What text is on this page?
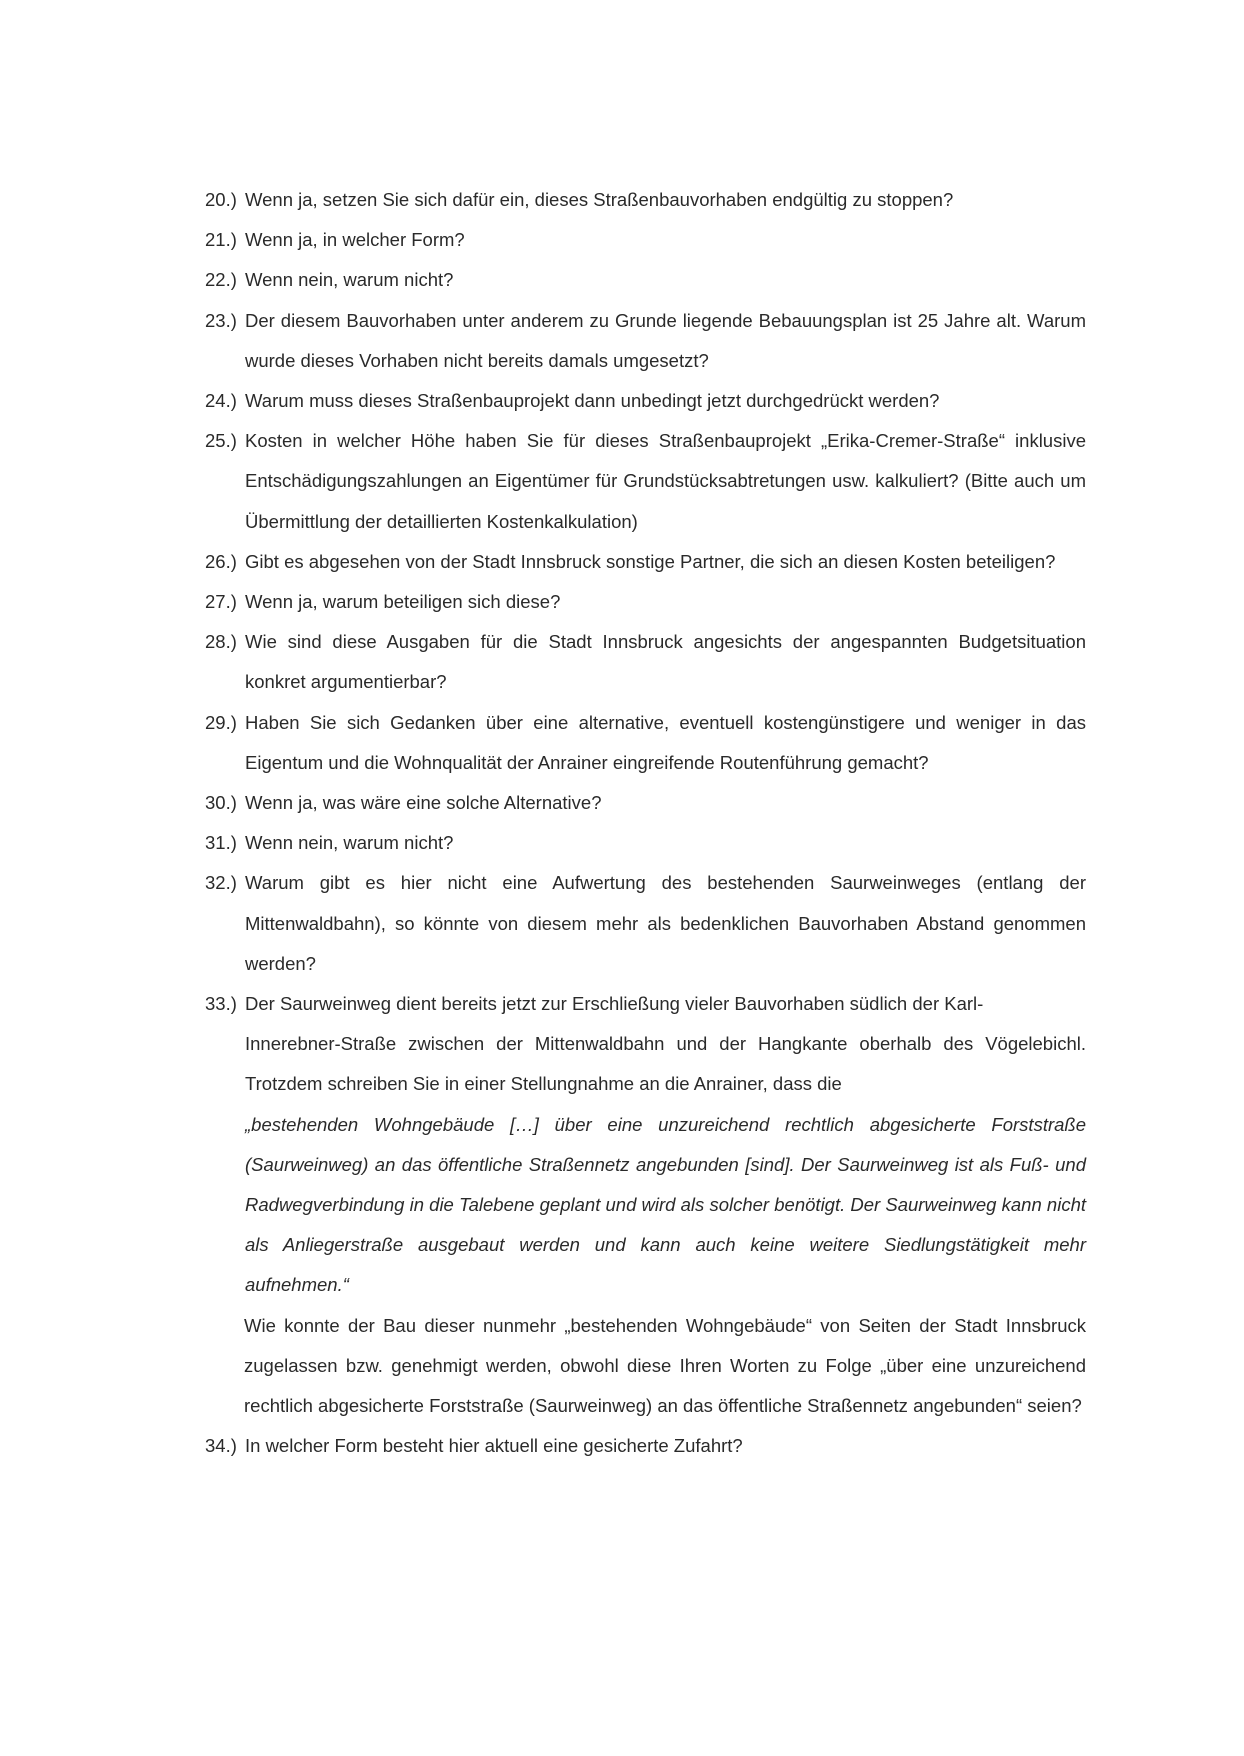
20.) Wenn ja, setzen Sie sich dafür ein, dieses Straßenbauvorhaben endgültig zu stoppen?
21.) Wenn ja, in welcher Form?
22.) Wenn nein, warum nicht?
23.) Der diesem Bauvorhaben unter anderem zu Grunde liegende Bebauungsplan ist 25 Jahre alt. Warum wurde dieses Vorhaben nicht bereits damals umgesetzt?
24.) Warum muss dieses Straßenbauprojekt dann unbedingt jetzt durchgedrückt werden?
25.) Kosten in welcher Höhe haben Sie für dieses Straßenbauprojekt „Erika-Cremer-Straße“ inklusive Entschädigungszahlungen an Eigentümer für Grundstücksabtretungen usw. kalkuliert? (Bitte auch um Übermittlung der detaillierten Kostenkalkulation)
26.) Gibt es abgesehen von der Stadt Innsbruck sonstige Partner, die sich an diesen Kosten beteiligen?
27.) Wenn ja, warum beteiligen sich diese?
28.) Wie sind diese Ausgaben für die Stadt Innsbruck angesichts der angespannten Budgetsituation konkret argumentierbar?
29.) Haben Sie sich Gedanken über eine alternative, eventuell kostengünstigere und weniger in das Eigentum und die Wohnqualität der Anrainer eingreifende Routenführung gemacht?
30.) Wenn ja, was wäre eine solche Alternative?
31.) Wenn nein, warum nicht?
32.) Warum gibt es hier nicht eine Aufwertung des bestehenden Saurweinweges (entlang der Mittenwaldbahn), so könnte von diesem mehr als bedenklichen Bauvorhaben Abstand genommen werden?
33.) Der Saurweinweg dient bereits jetzt zur Erschließung vieler Bauvorhaben südlich der Karl-
Innerebner-Straße zwischen der Mittenwaldbahn und der Hangkante oberhalb des Vögelebichl. Trotzdem schreiben Sie in einer Stellungnahme an die Anrainer, dass die
„bestehenden Wohngebäude […] über eine unzureichend rechtlich abgesicherte Forststraße (Saurweinweg) an das öffentliche Straßennetz angebunden [sind]. Der Saurweinweg ist als Fuß- und Radwegverbindung in die Talebene geplant und wird als solcher benötigt. Der Saurweinweg kann nicht als Anliegerstraße ausgebaut werden und kann auch keine weitere Siedlungstätigkeit mehr aufnehmen.“
Wie konnte der Bau dieser nunmehr „bestehenden Wohngebäude“ von Seiten der Stadt Innsbruck zugelassen bzw. genehmigt werden, obwohl diese Ihren Worten zu Folge „über eine unzureichend rechtlich abgesicherte Forststraße (Saurweinweg) an das öffentliche Straßennetz angebunden“ seien?
34.) In welcher Form besteht hier aktuell eine gesicherte Zufahrt?
